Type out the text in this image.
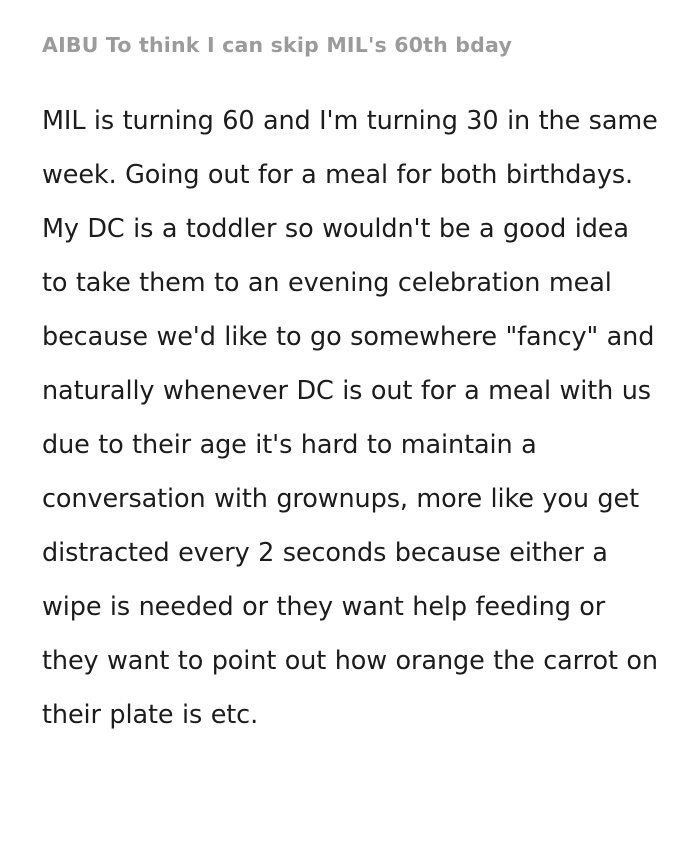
AIBU To think I can skip MIL's 60th bday

MIL is turning 60 and I'm turning 30 in the same week. Going out for a meal for both birthdays. My DC is a toddler so wouldn't be a good idea to take them to an evening celebration meal because we'd like to go somewhere "fancy" and naturally whenever DC is out for a meal with us due to their age it's hard to maintain a conversation with grownups, more like you get distracted every 2 seconds because either a wipe is needed or they want help feeding or they want to point out how orange the carrot on their plate is etc.
